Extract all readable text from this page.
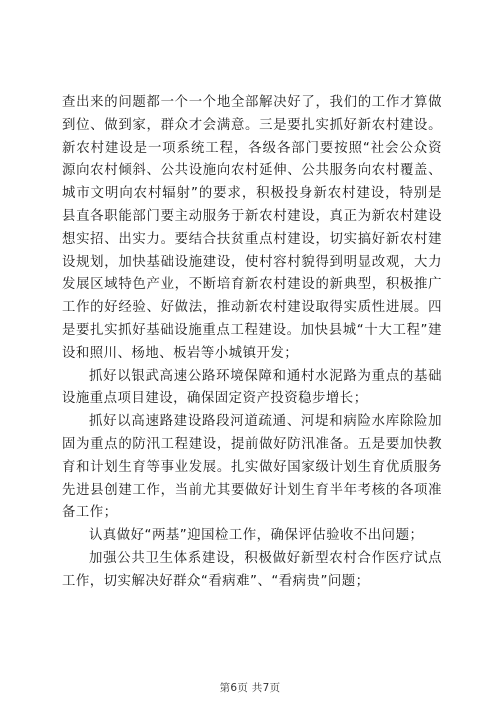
查出来的问题都一个一个地全部解决好了，我们的工作才算做到位、做到家，群众才会满意。三是要扎实抓好新农村建设。新农村建设是一项系统工程，各级各部门要按照“社会公众资源向农村倾斜、公共设施向农村延伸、公共服务向农村覆盖、城市文明向农村辐射”的要求，积极投身新农村建设，特别是县直各职能部门要主动服务于新农村建设，真正为新农村建设想实招、出实力。要结合扶贫重点村建设，切实搞好新农村建设规划，加快基础设施建设，使村容村貌得到明显改观，大力发展区域特色产业，不断培育新农村建设的新典型，积极推广工作的好经验、好做法，推动新农村建设取得实质性进展。四是要扎实抓好基础设施重点工程建设。加快县城“十大工程”建设和照川、杨地、板岩等小城镇开发；

抓好以银武高速公路环境保障和通村水泥路为重点的基础设施重点项目建设，确保固定资产投资稳步增长；

抓好以高速路建设路段河道疏通、河堤和病险水库除险加固为重点的防汛工程建设，提前做好防汛准备。五是要加快教育和计划生育等事业发展。扎实做好国家级计划生育优质服务先进县创建工作，当前尤其要做好计划生育半年考核的各项准备工作；

认真做好“两基”迎国检工作，确保评估验收不出问题；

加强公共卫生体系建设，积极做好新型农村合作医疗试点工作，切实解决好群众“看病难”、“看病贵”问题；

第6页 共7页
